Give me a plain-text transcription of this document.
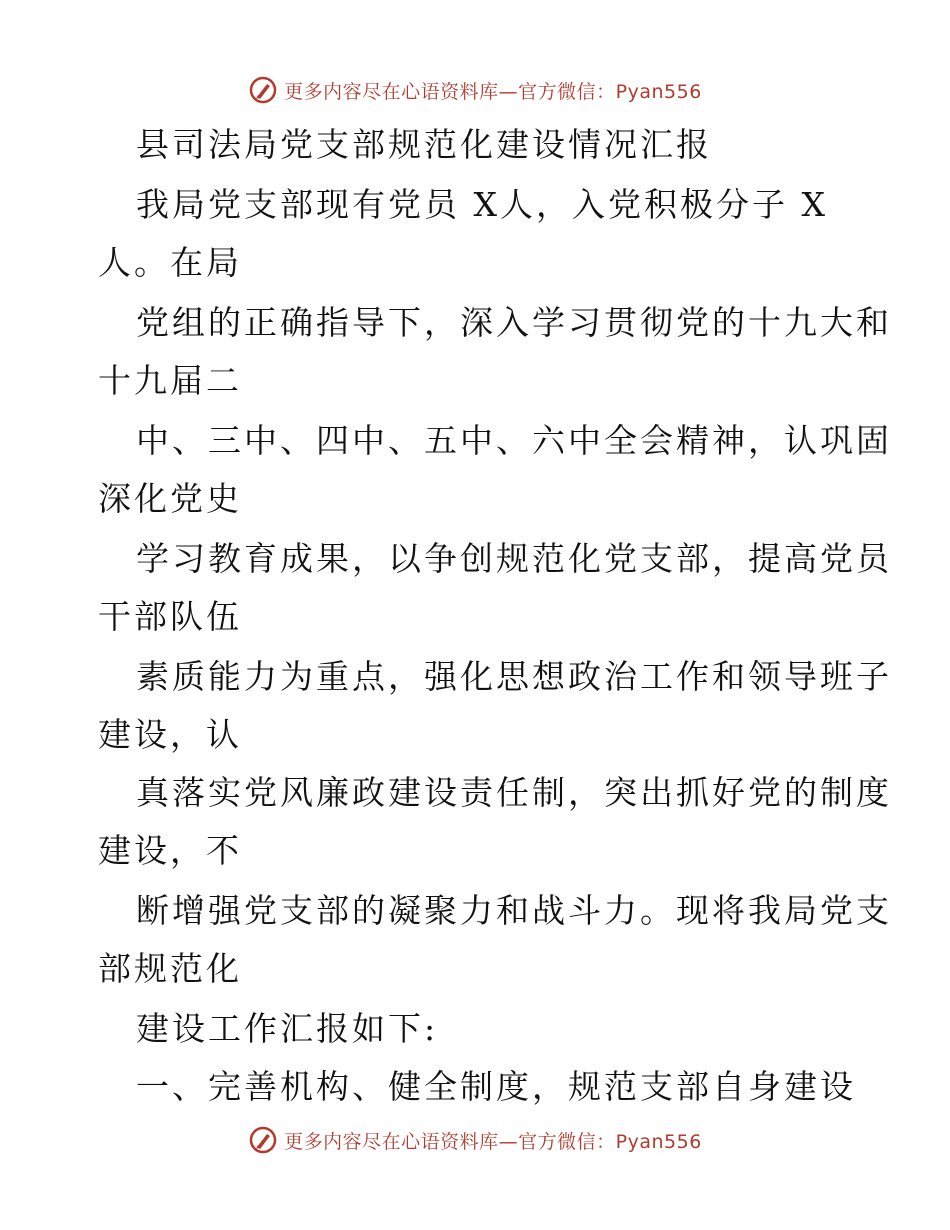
更多内容尽在心语资料库—官方微信：Pyan556
县司法局党支部规范化建设情况汇报
我局党支部现有党员 X人，入党积极分子 X
人。在局
党组的正确指导下，深入学习贯彻党的十九大和
十九届二
中、三中、四中、五中、六中全会精神，认巩固
深化党史
学习教育成果，以争创规范化党支部，提高党员
干部队伍
素质能力为重点，强化思想政治工作和领导班子
建设，认
真落实党风廉政建设责任制，突出抓好党的制度
建设，不
断增强党支部的凝聚力和战斗力。现将我局党支
部规范化
建设工作汇报如下:
一、完善机构、健全制度，规范支部自身建设
更多内容尽在心语资料库—官方微信：Pyan556
